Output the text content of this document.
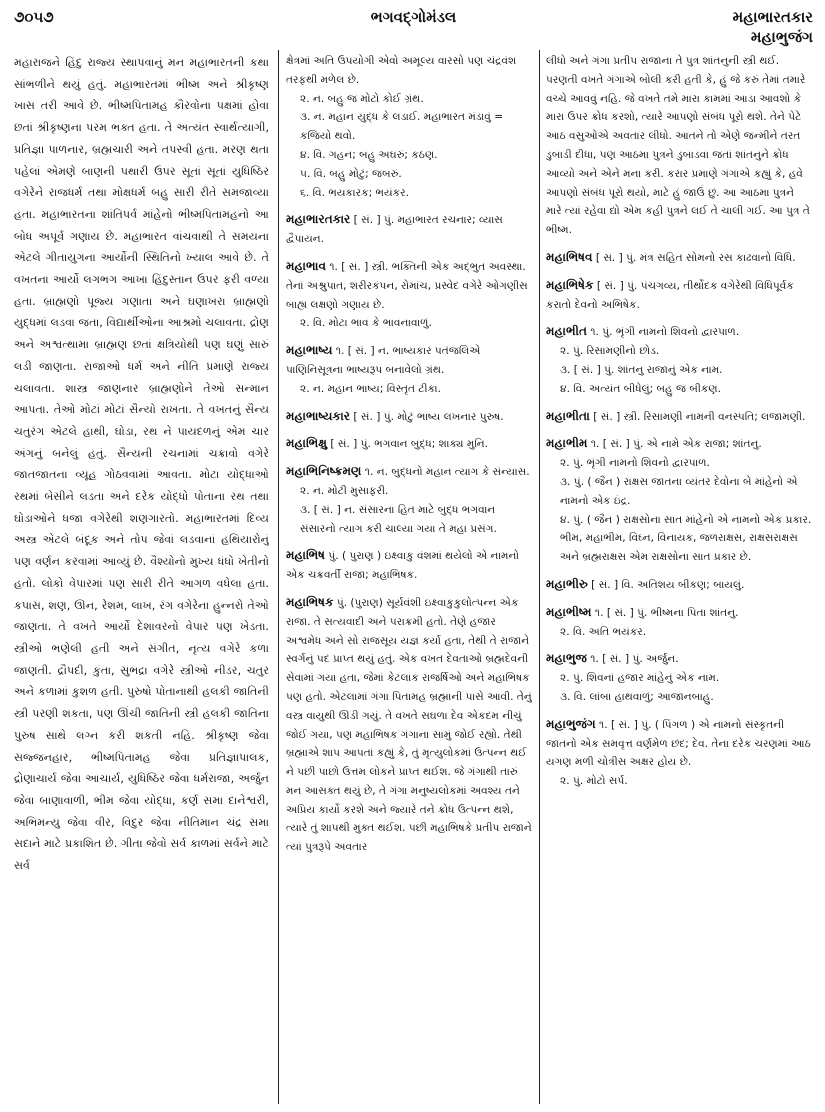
૭૦૫૭	ભગવદ્ગોમંડલ	મહાભારતકાર
મહાભુજંગ

મહારાજને હિંદુ રાજ્ય સ્થાપવાનું મન મહાભારતની કથા સાંભળીને થયું હતું. મહાભારતમાં ભીષ્મ અને શ્રીકૃષ્ણ ખાસ તરી આવે છે. ભીષ્મપિતામહ કૌરવોના પક્ષમાં હોવા છતાં શ્રીકૃષ્ણના પરમ ભક્ત હતા. તે અત્યંત સ્વાર્થત્યાગી, પ્રતિજ્ઞા પાળનાર, બ્રહ્મચારી અને તપસ્વી હતા. મરણ થતા પહેલાં એમણે બાણની પથારી ઉપર સૂતાં સૂતાં યુધિષ્ઠિર વગેરેને રાજધર્મ તથા મોક્ષધર્મ બહુ સારી રીતે સમજાવ્યા હતા. મહાભારતના શાંતિપર્વ માંહેનો ભીષ્મપિતામહનો આ બોધ અપૂર્વ ગણાય છે. મહાભારત વાંચવાથી તે સમયના એટલે ગીતાયુગના આર્યોની સ્થિતિનો ખ્યાલ આવે છે. તે વખતના આર્યો લગભગ આખા હિંદુસ્તાન ઉપર ફરી વળ્યા હતા. બ્રાહ્મણો પૂજ્ય ગણાતા અને ઘણાખરા બ્રાહ્મણો યુદ્ધમાં લડવા જતા, વિદ્યાર્થીઓના આશ્રમો ચલાવતા. દ્રોણ અને અશ્વત્થામા બ્રાહ્મણ છતાં ક્ષત્રિયોથી પણ ઘણું સારું લડી જાણતા. રાજાઓ ધર્મ અને નીતિ પ્રમાણે રાજ્ય ચલાવતા. શાસ્ત્ર જાણનાર બ્રાહ્મણોને તેઓ સન્માન આપતા. તેઓ મોટાં મોટાં સૈન્યો રાખતા. તે વખતનું સૈન્ય ચતુરંગ એટલે હાથી, ઘોડા, રથ ને પાયદળનું એમ ચાર અંગનું બનેલું હતું. સૈન્યની રચનામાં ચક્રાવો વગેરે જાતજાતના વ્યૂહ ગોઠવવામાં આવતા. મોટા યોદ્ધાઓ રથમાં બેસીને લડતા અને દરેક યોદ્ધો પોતાના રથ તથા ઘોડાઓને ધજા વગેરેથી શણગારતો. મહાભારતમાં દિવ્ય અસ્ત્ર એટલે બંદૂક અને તોપ જેવાં લડવાનાં હથિયારોનું પણ વર્ણન કરવામાં આવ્યું છે. વૈશ્યોનો મુખ્ય ધંધો ખેતીનો હતો. લોકો વેપારમાં પણ સારી રીતે આગળ વધેલા હતા. કપાસ, શણ, ઊન, રેશમ, લાખ, રંગ વગેરેના હુન્નરો તેઓ જાણતા. તે વખતે આર્યો દેશાવરનો વેપાર પણ ખેડતા. સ્ત્રીઓ ભણેલી હતી અને સંગીત, નૃત્ય વગેરે કળા જાણતી. દ્રૌપદી, કુંતા, સુભદ્રા વગેરે સ્ત્રીઓ નીડર, ચતુર અને કળામાં કુશળ હતી. પુરુષો પોતાનાથી હલકી જાતિની સ્ત્રી પરણી શકતા, પણ ઊંચી જાતિની સ્ત્રી હલકી જાતિના પુરુષ સાથે લગ્ન કરી શકતી નહિ. શ્રીકૃષ્ણ જેવા સજ્જનહાર, ભીષ્મપિતામહ જેવા પ્રતિજ્ઞાપાલક, દ્રોણાચાર્ય જેવા આચાર્ય, યુધિષ્ઠિર જેવા ધર્મરાજા, અર્જુન જેવા બાણાવાળી, ભીમ જેવા યોદ્ધા, કર્ણ સમા દાનેશ્વરી, અભિમન્યુ જેવા વીર, વિદુર જેવા નીતિમાન ચંદ્ર સમા સદાને માટે પ્રકાશિત છે. ગીતા જેવો સર્વ કાળમાં સર્વને માટે સર્વ

ક્ષેત્રમાં અતિ ઉપયોગી એવો અમૂલ્ય વારસો પણ ચંદ્રવંશ તરફથી મળેલ છે.
૨. ન. બહુ જ મોટો કોઈ ગ્રંથ.
૩. ન. મહાન યુદ્ધ કે લડાઈ. મહાભારત મંડાવું = કજિયો થવો.
૪. વિ. ગહન; બહુ અઘરું; કઠણ.
૫. વિ. બહુ મોટું; જબરું.
૬. વિ. ભયકારક; ભયંકર.
મહાભારતકાર [ સં. ] પું. મહાભારત રચનાર; વ્યાસ દ્વૈપાયન.
મહાભાવ ૧. [ સં. ] સ્ત્રી. ભક્તિની એક અદ્ભુત અવસ્થા. તેનાં અશ્રુપાત, શરીરકંપન, રોમાંચ, પ્રસ્વેદ વગેરે ઓગણીસ બાહ્ય લક્ષણો ગણાય છે.
૨. વિ. મોટા ભાવ કે ભાવનાવાળું.
મહાભાષ્ય ૧. [ સં. ] ન. ભાષ્યકાર પતંજલિએ પાણિનિસૂત્રના ભાષ્યરૂપ બનાવેલો ગ્રંથ.
૨. ન. મહાન ભાષ્ય; વિસ્તૃત ટીકા.
મહાભાષ્યકાર [ સં. ] પું. મોટું ભાષ્ય લખનાર પુરુષ.
મહાભિક્ષુ [ સં. ] પું. ભગવાન બુદ્ધ; શાક્ય મુનિ.
મહાભિનિષ્ક્રમણ ૧. ન. બુદ્ધનો મહાન ત્યાગ કે સંન્યાસ.
૨. ન. મોટી મુસાફરી.
૩. [ સં. ] ન. સંસારના હિત માટે બુદ્ધ ભગવાન સંસારનો ત્યાગ કરી ચાલ્યા ગયા તે મહા પ્રસંગ.
મહાભિષ પું. ( પુરાણ ) ઇક્ષ્વાકુ વંશમાં થયેલો એ નામનો એક ચક્રવર્તી રાજા; મહાભિષક.
મહાભિષક પું. (પુરાણ) સૂર્યવંશી ઇક્ષ્વાકુકુલોત્પન્ન એક રાજા. તે સત્યવાદી અને પરાક્રમી હતો. તેણે હજાર અશ્વમેધ અને સો રાજસૂય યજ્ઞ કર્યા હતા, તેથી તે રાજાને સ્વર્ગનું પદ પ્રાપ્ત થયું હતું. એક વખત દેવતાઓ બ્રહ્મદેવની સેવામાં ગયા હતા, જેમાં કેટલાક રાજર્ષિઓ અને મહાભિષક પણ હતો. એટલામાં ગંગા પિતામહ બ્રહ્માની પાસે આવી. તેનું વસ્ત્ર વાયુથી ઊડી ગયું. તે વખતે સઘળા દેવ એકદમ નીચું જોઈ ગયા, પણ મહાભિષક ગંગાના સામું જોઈ રહ્યો. તેથી બ્રહ્માએ શાપ આપતાં કહ્યું કે, તું મૃત્યુલોકમાં ઉત્પન્ન થઈ ને પછી પાછો ઉત્તમ લોકને પ્રાપ્ત થઈશ. જે ગંગાથી તારું મન આસક્ત થયું છે, તે ગંગા મનુષ્યલોકમાં અવશ્ય તને અપ્રિય કાર્યો કરશે અને જ્યારે તને ક્રોધ ઉત્પન્ન થશે, ત્યારે તું શાપથી મુક્ત થઈશ. પછી મહાભિષકે પ્રતીપ રાજાને ત્યાં પુત્રરૂપે અવતાર
લીધો અને ગંગા પ્રતીપ રાજાના તે પુત્ર શાંતનુની સ્ત્રી થઈ. પરણતી વખતે ગંગાએ બોલી કરી હતી કે, હું જે કરું તેમાં તમારે વચ્ચે આવવું નહિ. જે વખતે તમે મારા કામમાં આડા આવશો કે મારા ઉપર ક્રોધ કરશો, ત્યારે આપણો સંબંધ પૂરો થશે. તેને પેટે આઠ વસુઓએ અવતાર લીધો. આતને તો એણે જન્મીને તરત ડુબાડી દીધા, પણ આઠમા પુત્રને ડુબાડવા જતાં શાંતનુને ક્રોધ આવ્યો અને એને મના કરી. કરાર પ્રમાણે ગંગાએ કહ્યું કે, હવે આપણો સંબંધ પૂરો થયો, માટે હું જાઉં છું. આ આઠમા પુત્રને મારે ત્યાં રહેવા દ્યો એમ કહી પુત્રને લઈ તે ચાલી ગઈ. આ પુત્ર તે ભીષ્મ.
મહાભિષવ [ સં. ] પું. મંત્ર સહિત સોમનો રસ કાઢવાનો વિધિ.
મહાભિષેક [ સં. ] પું. પંચગવ્ય, તીર્થોદક વગેરેથી વિધિપૂર્વક કરાતો દેવનો અભિષેક.
મહાભીત ૧. પું. ભૃંગી નામનો શિવનો દ્વારપાળ.
૨. પું. રિસામણીનો છોડ.
૩. [ સં. ] પું. શાંતનુ રાજાનું એક નામ.
૪. વિ. અત્યંત બીધેલું; બહુ જ બીકણ.
મહાભીતા [ સં. ] સ્ત્રી. રિસામણી નામની વનસ્પતિ; લજામણી.
મહાભીમ ૧. [ સં. ] પું. એ નામે એક રાજા; શાંતનુ.
૨. પું. ભૃંગી નામનો શિવનો દ્વારપાળ.
૩. પું. ( જૈન ) રાક્ષસ જાતના વ્યંતર દેવોના બે માંહેનો એ નામનો એક ઇંદ્ર.
૪. પું. ( જૈન ) રાક્ષસોના સાત માંહેનો એ નામનો એક પ્રકાર. ભીમ, મહાભીમ, વિઘ્ન, વિનાયક, જળરાક્ષસ, રાક્ષસરાક્ષસ અને બ્રહ્મરાક્ષસ એમ રાક્ષસોના સાત પ્રકાર છે.
મહાભીરુ [ સં. ] વિ. અતિશય બીકણ; બાયલું.
મહાભીષ્મ ૧. [ સં. ] પું. ભીષ્મના પિતા શાંતનુ.
૨. વિ. અતિ ભયંકર.
મહાભુજ ૧. [ સં. ] પું. અર્જુન.
૨. પું. શિવનાં હજાર માંહેનું એક નામ.
૩. વિ. લાંબા હાથવાળું; આજાનબાહુ.
મહાભુજંગ ૧. [ સં. ] પું. ( પિંગળ ) એ નામનો સંસ્કૃતની જાતનો એક સમવૃત્ત વર્ણમેળ છંદ; દેવ. તેના દરેક ચરણમાં આઠ યગણ મળી ચોત્રીસ અક્ષર હોય છે.
૨. પું. મોટો સર્પ.
